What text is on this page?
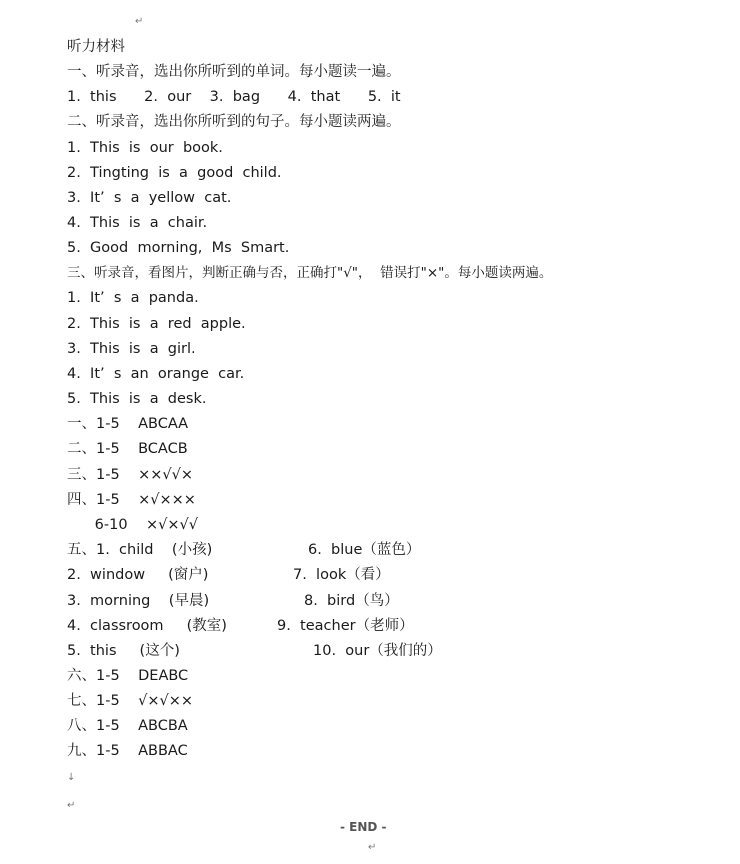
↵
听力材料
一、听录音，选出你所听到的单词。每小题读一遍。
1.  this      2.  our    3.  bag      4.  that      5.  it
二、听录音，选出你所听到的句子。每小题读两遍。
1.  This  is  our  book.
2.  Tingting  is  a  good  child.
3.  It’  s  a  yellow  cat.
4.  This  is  a  chair.
5.  Good  morning,  Ms  Smart.
三、听录音，看图片，判断正确与否，正确打"√"，  错误打"×"。每小题读两遍。
1.  It’  s  a  panda.
2.  This  is  a  red  apple.
3.  This  is  a  girl.
4.  It’  s  an  orange  car.
5.  This  is  a  desk.
一、1-5    ABCAA
二、1-5    BCACB
三、1-5    ××√√×
四、1-5    ×√×××
6-10    ×√×√√
五、1.  child    (小孩)	6.  blue（蓝色）
2.  window     (窗户)	7.  look（看）
3.  morning    (早晨)	8.  bird（鸟）
4.  classroom     (教室)	9.  teacher（老师）
5.  this     (这个)	10.  our（我们的）
六、1-5    DEABC
七、1-5    √×√××
八、1-5    ABCBA
九、1-5    ABBAC
↓
↵
- END -
↵
